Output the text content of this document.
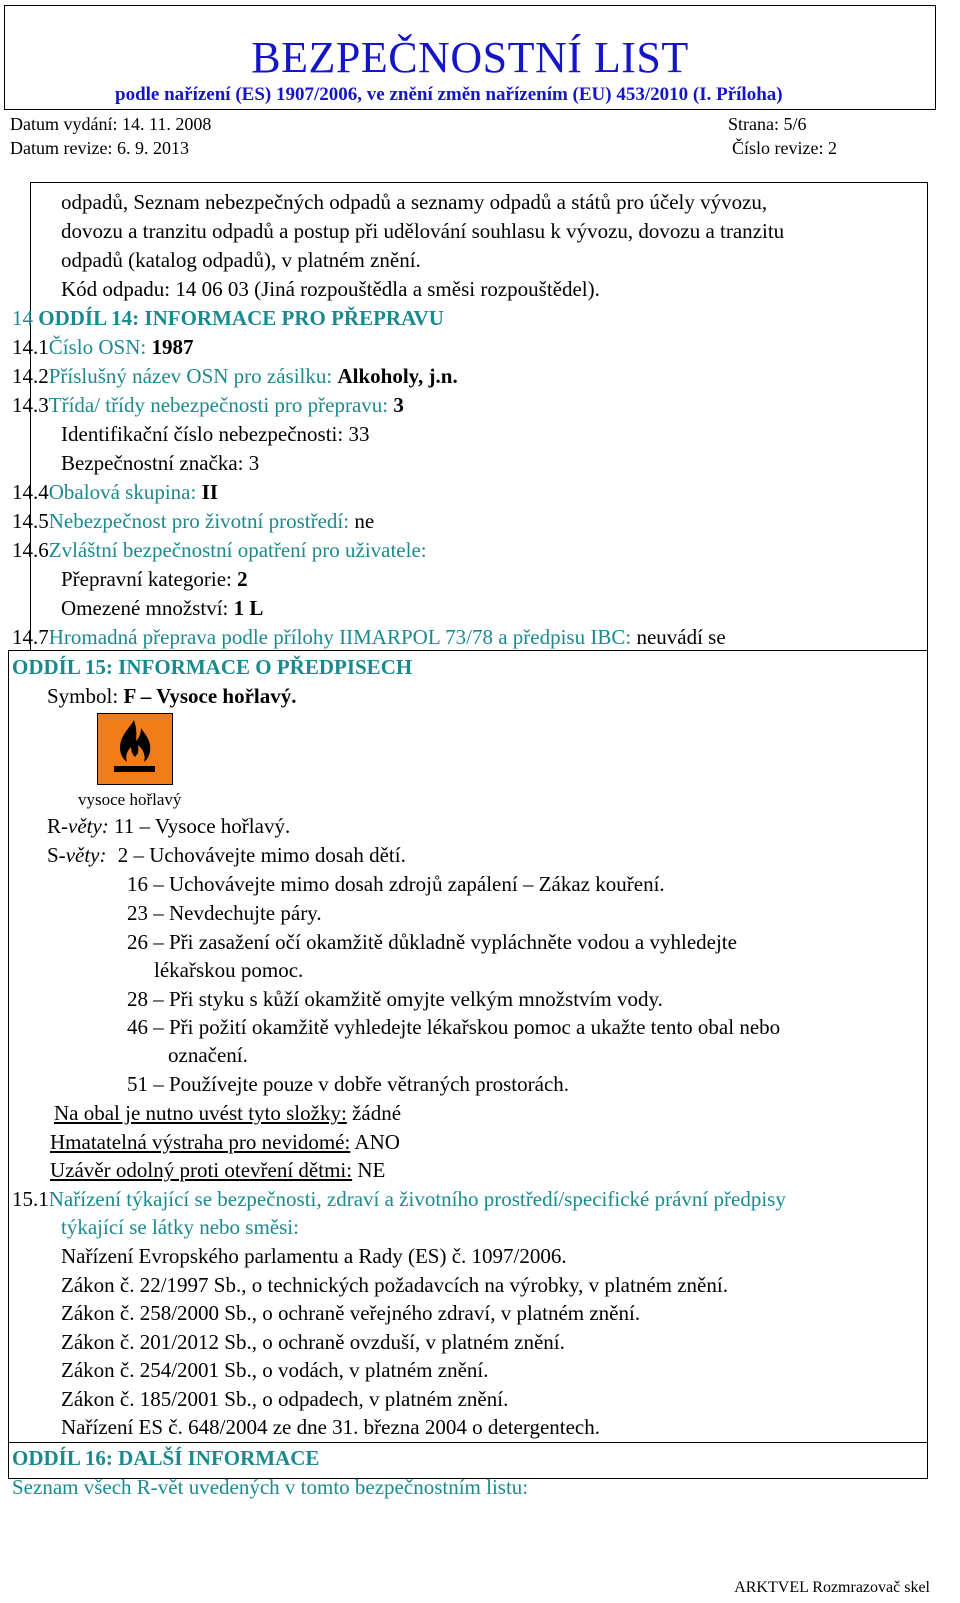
BEZPEČNOSTNÍ LIST
podle nařízení (ES) 1907/2006, ve znění změn nařízením (EU) 453/2010 (I. Příloha)
Datum vydání: 14. 11. 2008	Strana: 5/6
Datum revize: 6. 9. 2013	Číslo revize: 2
odpadů, Seznam nebezpečných odpadů a seznamy odpadů a států pro účely vývozu,
dovozu a tranzitu odpadů a postup při udělování souhlasu k vývozu, dovozu a tranzitu
odpadů (katalog odpadů), v platném znění.
Kód odpadu: 14 06 03 (Jiná rozpouštědla a směsi rozpouštědel).
14 ODDÍL 14: INFORMACE PRO PŘEPRAVU
14.1Číslo OSN: 1987
14.2Příslušný název OSN pro zásilku: Alkoholy, j.n.
14.3Třída/ třídy nebezpečnosti pro přepravu: 3
Identifikační číslo nebezpečnosti: 33
Bezpečnostní značka: 3
14.4Obalová skupina: II
14.5Nebezpečnost pro životní prostředí: ne
14.6Zvláštní bezpečnostní opatření pro uživatele:
Přepravní kategorie: 2
Omezené množství: 1 L
14.7Hromadná přeprava podle přílohy IIMARPOL 73/78 a předpisu IBC: neuvádí se
ODDÍL 15: INFORMACE O PŘEDPISECH
Symbol: F – Vysoce hořlavý.
vysoce hořlavý
R-věty: 11 – Vysoce hořlavý.
S-věty: 2 – Uchovávejte mimo dosah dětí.
16 – Uchovávejte mimo dosah zdrojů zapálení – Zákaz kouření.
23 – Nevdechujte páry.
26 – Při zasažení očí okamžitě důkladně vypláchněte vodou a vyhledejte
lékařskou pomoc.
28 – Při styku s kůží okamžitě omyjte velkým množstvím vody.
46 – Při požití okamžitě vyhledejte lékařskou pomoc a ukažte tento obal nebo
označení.
51 – Používejte pouze v dobře větraných prostorách.
Na obal je nutno uvést tyto složky: žádné
Hmatatelná výstraha pro nevidomé: ANO
Uzávěr odolný proti otevření dětmi: NE
15.1Nařízení týkající se bezpečnosti, zdraví a životního prostředí/specifické právní předpisy
týkající se látky nebo směsi:
Nařízení Evropského parlamentu a Rady (ES) č. 1097/2006.
Zákon č. 22/1997 Sb., o technických požadavcích na výrobky, v platném znění.
Zákon č. 258/2000 Sb., o ochraně veřejného zdraví, v platném znění.
Zákon č. 201/2012 Sb., o ochraně ovzduší, v platném znění.
Zákon č. 254/2001 Sb., o vodách, v platném znění.
Zákon č. 185/2001 Sb., o odpadech, v platném znění.
Nařízení ES č. 648/2004 ze dne 31. března 2004 o detergentech.
ODDÍL 16: DALŠÍ INFORMACE
Seznam všech R-vět uvedených v tomto bezpečnostním listu:
ARKTVEL Rozmrazovač skel
